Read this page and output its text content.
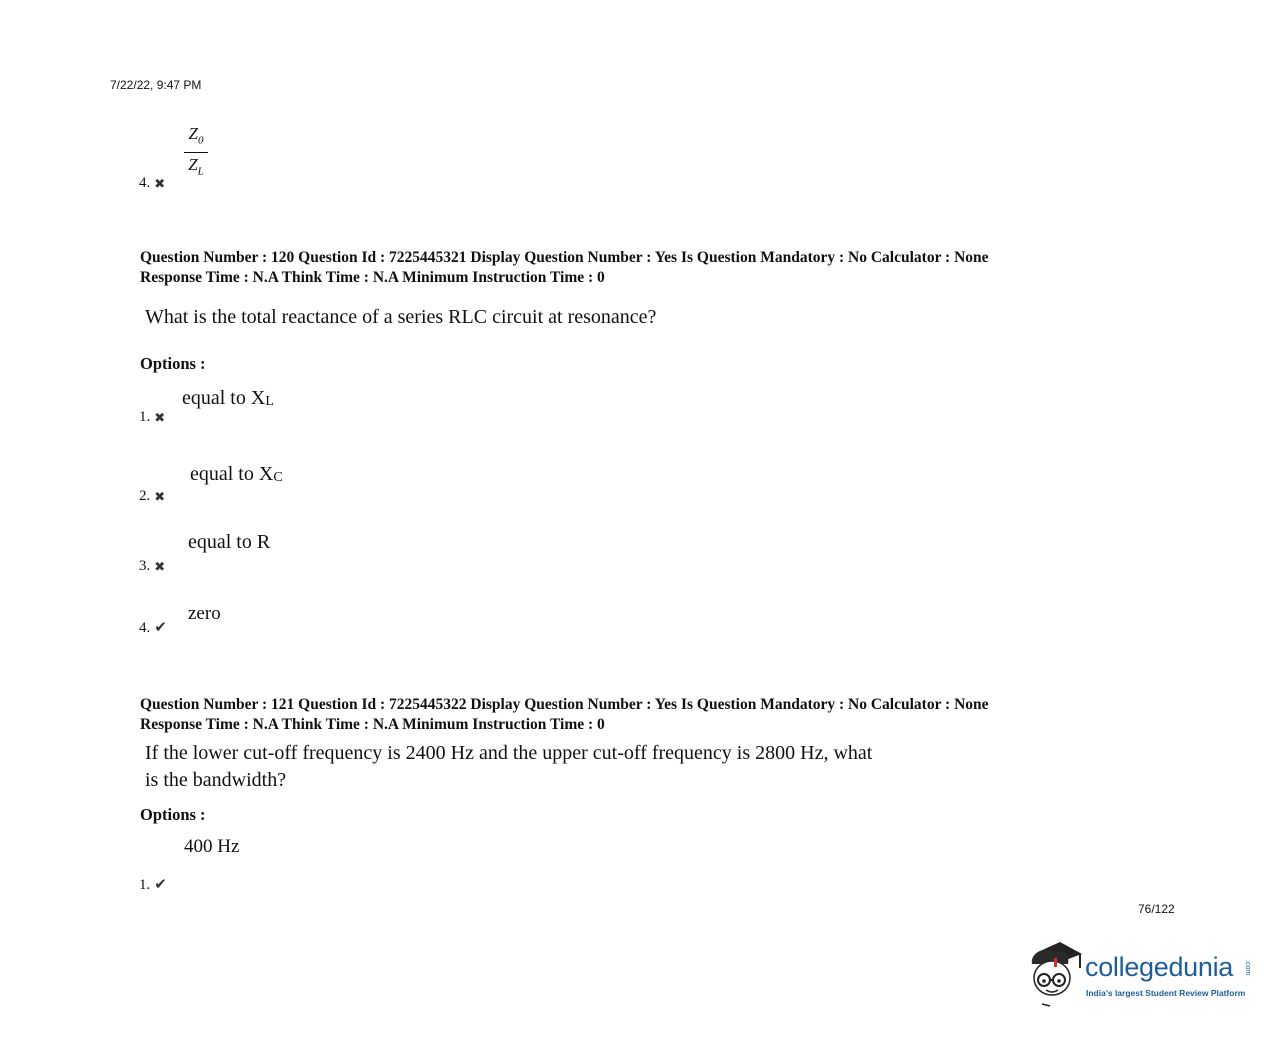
7/22/22, 9:47 PM
$\frac{Z_0}{Z_L}$
4. ✖
Question Number : 120 Question Id : 7225445321 Display Question Number : Yes Is Question Mandatory : No Calculator : None
Response Time : N.A Think Time : N.A Minimum Instruction Time : 0
What is the total reactance of a series RLC circuit at resonance?
Options :
equal to $X_L$
1. ✖
equal to $X_C$
2. ✖
equal to R
3. ✖
zero
4. ✔
Question Number : 121 Question Id : 7225445322 Display Question Number : Yes Is Question Mandatory : No Calculator : None
Response Time : N.A Think Time : N.A Minimum Instruction Time : 0
If the lower cut-off frequency is 2400 Hz and the upper cut-off frequency is 2800 Hz, what
is the bandwidth?
Options :
400 Hz
1. ✔
76/122
collegedunia .com
India's largest Student Review Platform
